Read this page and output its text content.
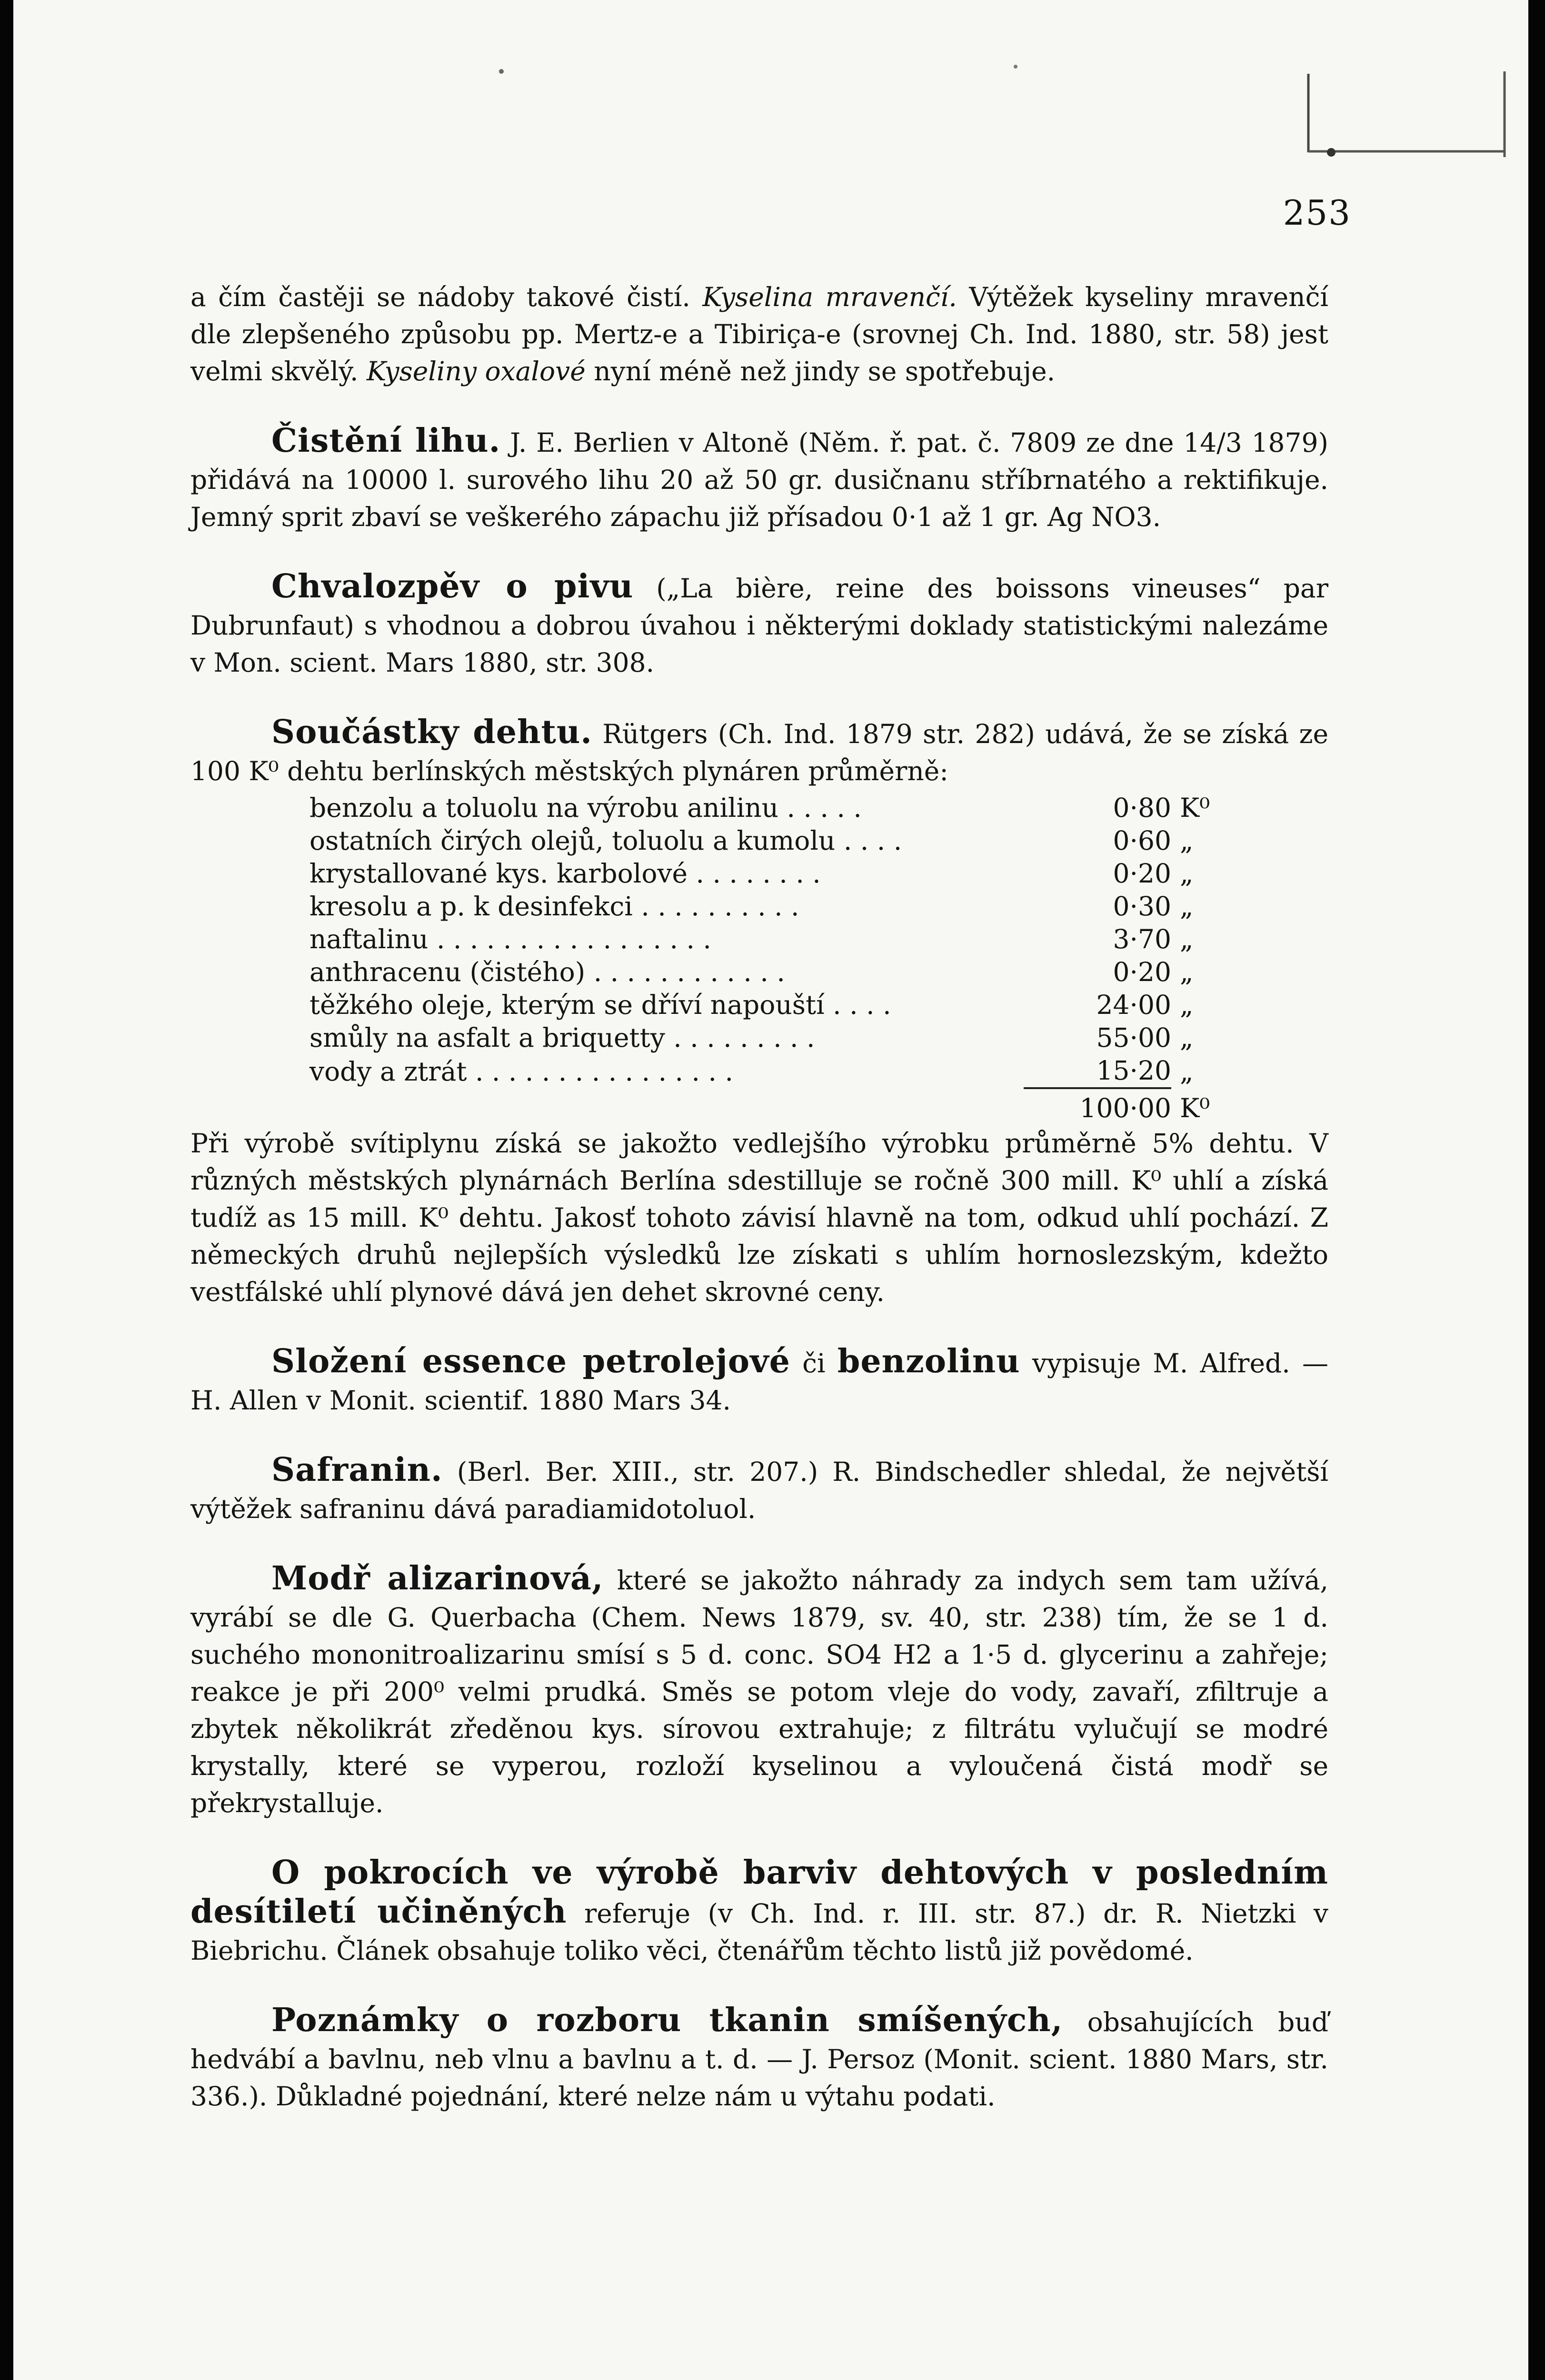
253

a čím častěji se nádoby takové čistí. Kyselina mravenčí. Výtěžek kyseliny mravenčí dle zlepšeného způsobu pp. Mertz-e a Tibiriça-e (srovnej Ch. Ind. 1880, str. 58) jest velmi skvělý. Kyseliny oxalové nyní méně než jindy se spotřebuje.

Čistění lihu. J. E. Berlien v Altoně (Něm. ř. pat. č. 7809 ze dne 14/3 1879) přidává na 10000 l. surového lihu 20 až 50 gr. dusičnanu stříbrnatého a rektifikuje. Jemný sprit zbaví se veškerého zápachu již přísadou 0·1 až 1 gr. Ag NO3.

Chvalozpěv o pivu („La bière, reine des boissons vineuses“ par Dubrunfaut) s vhodnou a dobrou úvahou i některými doklady statistickými nalezáme v Mon. scient. Mars 1880, str. 308.

Součástky dehtu. Rütgers (Ch. Ind. 1879 str. 282) udává, že se získá ze 100 K⁰ dehtu berlínských městských plynáren průměrně:

benzolu a toluolu na výrobu anilinu . . . . .	0·80	K⁰
ostatních čirých olejů, toluolu a kumolu . . . .	0·60	„
krystallované kys. karbolové . . . . . . . .	0·20	„
kresolu a p. k desinfekci . . . . . . . . . .	0·30	„
naftalinu . . . . . . . . . . . . . . . . .	3·70	„
anthracenu (čistého) . . . . . . . . . . . .	0·20	„
těžkého oleje, kterým se dříví napouští . . . .	24·00	„
smůly na asfalt a briquetty . . . . . . . . .	55·00	„
vody a ztrát . . . . . . . . . . . . . . . .	15·20	„
	100·00	K⁰

Při výrobě svítiplynu získá se jakožto vedlejšího výrobku průměrně 5% dehtu. V různých městských plynárnách Berlína sdestilluje se ročně 300 mill. K⁰ uhlí a získá tudíž as 15 mill. K⁰ dehtu. Jakosť tohoto závisí hlavně na tom, odkud uhlí pochází. Z německých druhů nejlepších výsledků lze získati s uhlím hornoslezským, kdežto vestfálské uhlí plynové dává jen dehet skrovné ceny.

Složení essence petrolejové či benzolinu vypisuje M. Alfred. — H. Allen v Monit. scientif. 1880 Mars 34.

Safranin. (Berl. Ber. XIII., str. 207.) R. Bindschedler shledal, že největší výtěžek safraninu dává paradiamidotoluol.

Modř alizarinová, které se jakožto náhrady za indych sem tam užívá, vyrábí se dle G. Querbacha (Chem. News 1879, sv. 40, str. 238) tím, že se 1 d. suchého mononitroalizarinu smísí s 5 d. conc. SO4 H2 a 1·5 d. glycerinu a zahřeje; reakce je při 200⁰ velmi prudká. Směs se potom vleje do vody, zavaří, zfiltruje a zbytek několikrát zředěnou kys. sírovou extrahuje; z filtrátu vylučují se modré krystally, které se vyperou, rozloží kyselinou a vyloučená čistá modř se překrystalluje.

O pokrocích ve výrobě barviv dehtových v posledním desítiletí učiněných referuje (v Ch. Ind. r. III. str. 87.) dr. R. Nietzki v Biebrichu. Článek obsahuje toliko věci, čtenářům těchto listů již povědomé.

Poznámky o rozboru tkanin smíšených, obsahujících buď hedvábí a bavlnu, neb vlnu a bavlnu a t. d. — J. Persoz (Monit. scient. 1880 Mars, str. 336.). Důkladné pojednání, které nelze nám u výtahu podati.
